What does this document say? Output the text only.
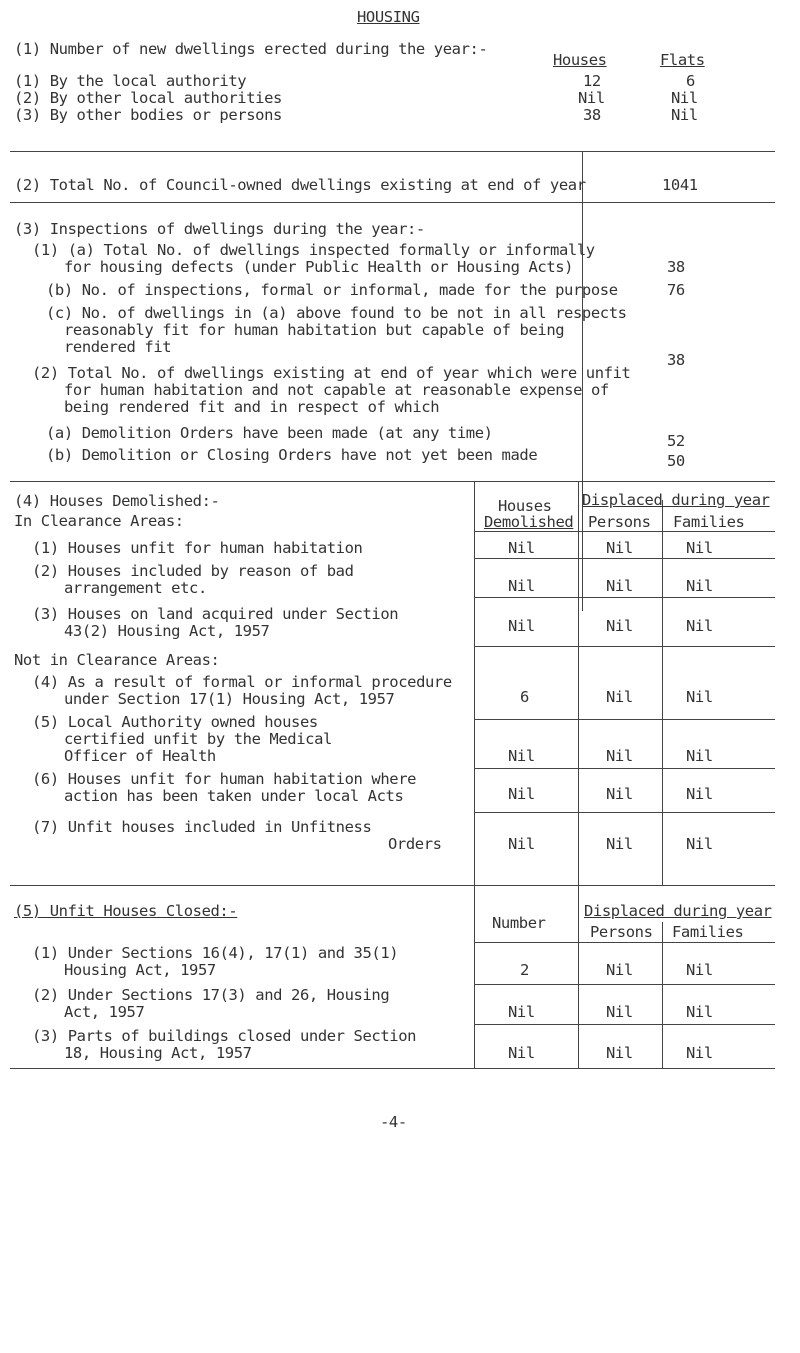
HOUSING
(1) Number of new dwellings erected during the year:-
Houses	Flats
(1) By the local authority	12	6
(2) By other local authorities	Nil	Nil
(3) By other bodies or persons	38	Nil
(2) Total No. of Council-owned dwellings existing at end of year	1041
(3) Inspections of dwellings during the year:-
(1) (a) Total No. of dwellings inspected formally or informally
for housing defects (under Public Health or Housing Acts)	38
(b) No. of inspections, formal or informal, made for the purpose	76
(c) No. of dwellings in (a) above found to be not in all respects
reasonably fit for human habitation but capable of being
rendered fit
38
(2) Total No. of dwellings existing at end of year which were unfit
for human habitation and not capable at reasonable expense of
being rendered fit and in respect of which
(a) Demolition Orders have been made (at any time)	52
(b) Demolition or Closing Orders have not yet been made	50
(4) Houses Demolished:-
In Clearance Areas:
Houses
Demolished
Displaced during year
Persons Families
(1) Houses unfit for human habitation	Nil	Nil	Nil
(2) Houses included by reason of bad
arrangement etc.	Nil	Nil	Nil
(3) Houses on land acquired under Section
43(2) Housing Act, 1957	Nil	Nil	Nil
Not in Clearance Areas:
(4) As a result of formal or informal procedure
under Section 17(1) Housing Act, 1957	6	Nil	Nil
(5) Local Authority owned houses
certified unfit by the Medical
Officer of Health	Nil	Nil	Nil
(6) Houses unfit for human habitation where
action has been taken under local Acts	Nil	Nil	Nil
(7) Unfit houses included in Unfitness
Orders	Nil	Nil	Nil
(5) Unfit Houses Closed:-
Number
Displaced during year
Persons Families
(1) Under Sections 16(4), 17(1) and 35(1)
Housing Act, 1957	2	Nil	Nil
(2) Under Sections 17(3) and 26, Housing
Act, 1957	Nil	Nil	Nil
(3) Parts of buildings closed under Section
18, Housing Act, 1957	Nil	Nil	Nil
-4-
